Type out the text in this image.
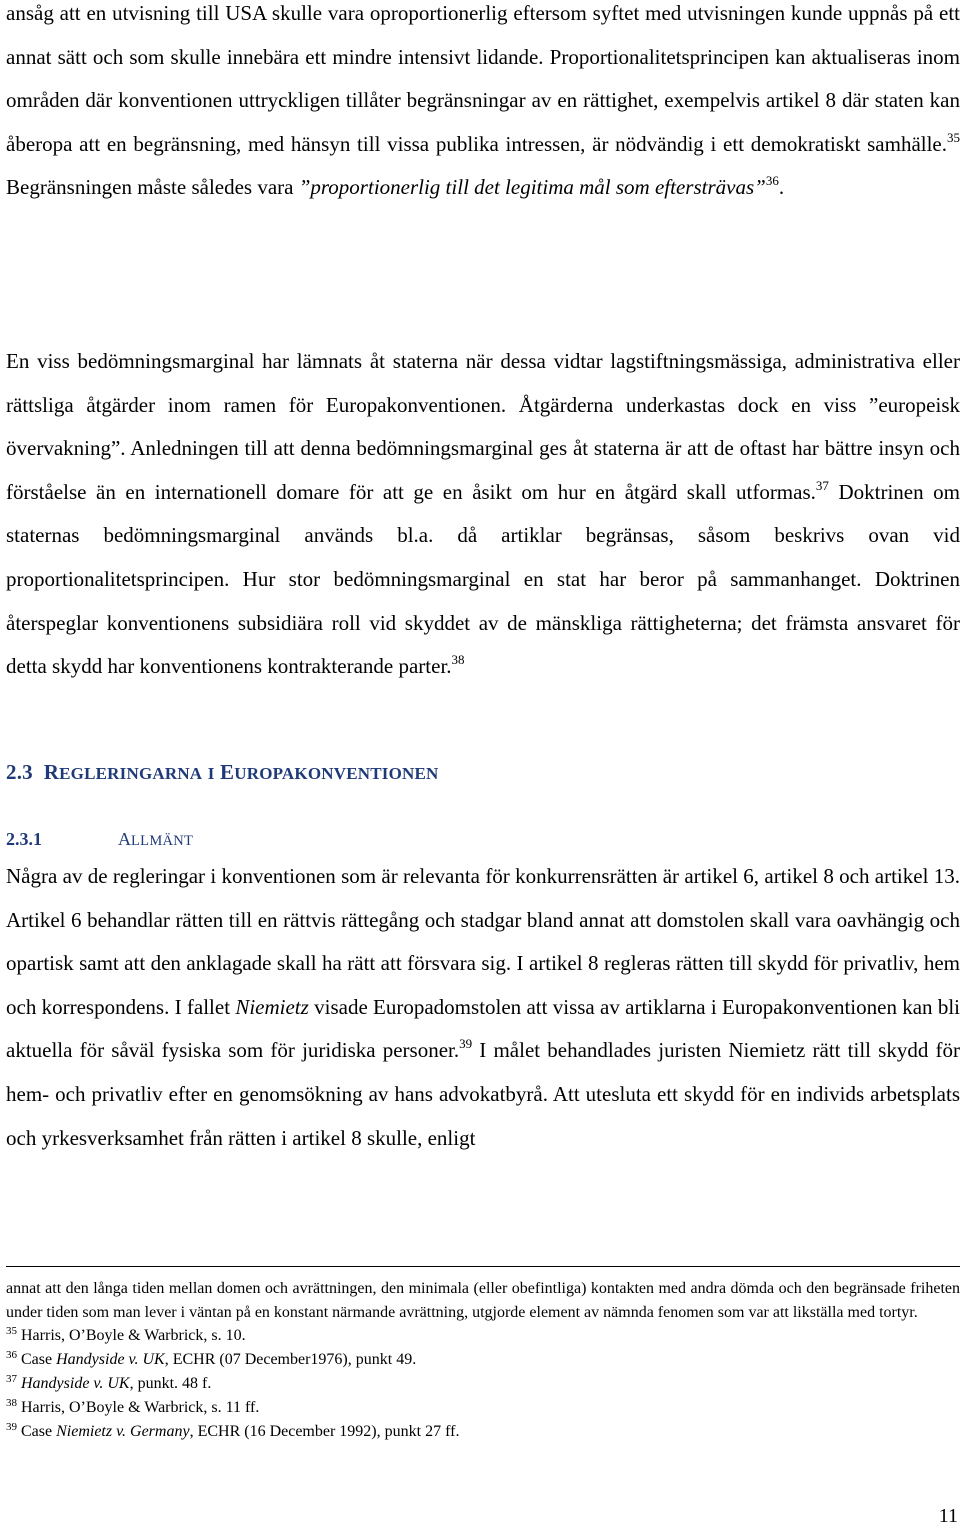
ansåg att en utvisning till USA skulle vara oproportionerlig eftersom syftet med utvisningen kunde uppnås på ett annat sätt och som skulle innebära ett mindre intensivt lidande. Proportionalitetsprincipen kan aktualiseras inom områden där konventionen uttryckligen tillåter begränsningar av en rättighet, exempelvis artikel 8 där staten kan åberopa att en begränsning, med hänsyn till vissa publika intressen, är nödvändig i ett demokratiskt samhälle.$^{35}$ Begränsningen måste således vara ”proportionerlig till det legitima mål som eftersträvas”$^{36}$.

En viss bedömningsmarginal har lämnats åt staterna när dessa vidtar lagstiftningsmässiga, administrativa eller rättsliga åtgärder inom ramen för Europakonventionen. Åtgärderna underkastas dock en viss ”europeisk övervakning”. Anledningen till att denna bedömningsmarginal ges åt staterna är att de oftast har bättre insyn och förståelse än en internationell domare för att ge en åsikt om hur en åtgärd skall utformas.$^{37}$ Doktrinen om staternas bedömningsmarginal används bl.a. då artiklar begränsas, såsom beskrivs ovan vid proportionalitetsprincipen. Hur stor bedömningsmarginal en stat har beror på sammanhanget. Doktrinen återspeglar konventionens subsidiära roll vid skyddet av de mänskliga rättigheterna; det främsta ansvaret för detta skydd har konventionens kontrakterande parter.$^{38}$

2.3 REGLERINGARNA I EUROPAKONVENTIONEN
2.3.1	ALLMÄNT

Några av de regleringar i konventionen som är relevanta för konkurrensrätten är artikel 6, artikel 8 och artikel 13. Artikel 6 behandlar rätten till en rättvis rättegång och stadgar bland annat att domstolen skall vara oavhängig och opartisk samt att den anklagade skall ha rätt att försvara sig. I artikel 8 regleras rätten till skydd för privatliv, hem och korrespondens. I fallet Niemietz visade Europadomstolen att vissa av artiklarna i Europakonventionen kan bli aktuella för såväl fysiska som för juridiska personer.$^{39}$ I målet behandlades juristen Niemietz rätt till skydd för hem- och privatliv efter en genomsökning av hans advokatbyrå. Att utesluta ett skydd för en individs arbetsplats och yrkesverksamhet från rätten i artikel 8 skulle, enligt

annat att den långa tiden mellan domen och avrättningen, den minimala (eller obefintliga) kontakten med andra dömda och den begränsade friheten under tiden som man lever i väntan på en konstant närmande avrättning, utgjorde element av nämnda fenomen som var att likställa med tortyr.

$^{35}$ Harris, O’Boyle & Warbrick, s. 10.

$^{36}$ Case Handyside v. UK, ECHR (07 December1976), punkt 49.

$^{37}$ Handyside v. UK, punkt. 48 f.

$^{38}$ Harris, O’Boyle & Warbrick, s. 11 ff.

$^{39}$ Case Niemietz v. Germany, ECHR (16 December 1992), punkt 27 ff.

11
